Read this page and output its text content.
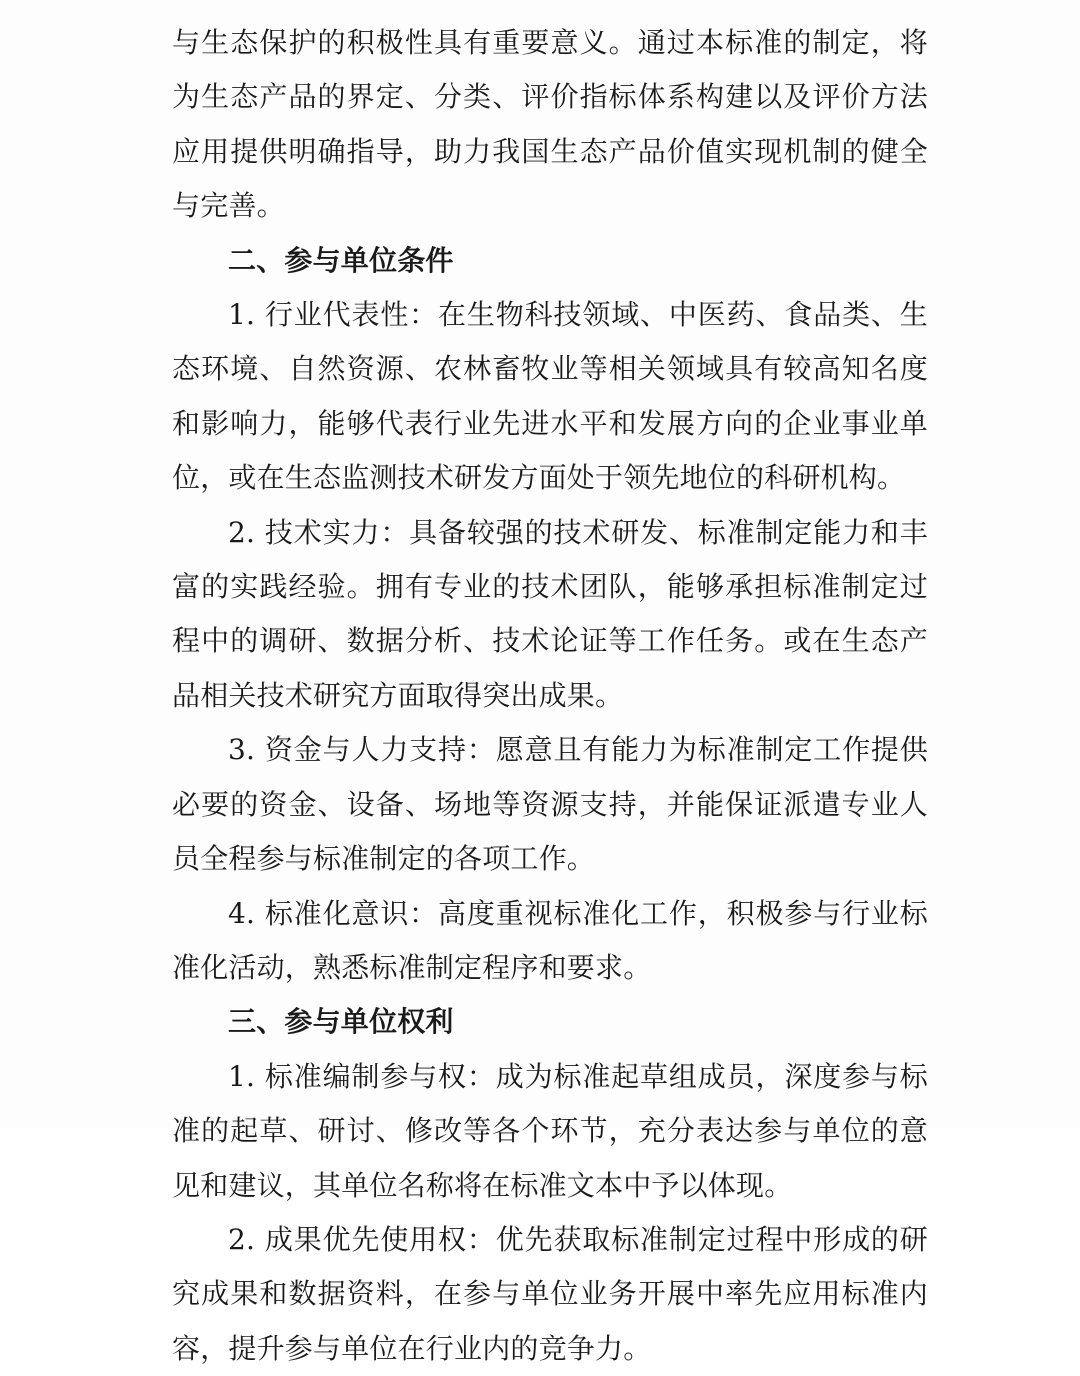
与生态保护的积极性具有重要意义。通过本标准的制定，将为生态产品的界定、分类、评价指标体系构建以及评价方法应用提供明确指导，助力我国生态产品价值实现机制的健全与完善。

二、参与单位条件

1. 行业代表性：在生物科技领域、中医药、食品类、生态环境、自然资源、农林畜牧业等相关领域具有较高知名度和影响力，能够代表行业先进水平和发展方向的企业事业单位，或在生态监测技术研发方面处于领先地位的科研机构。

2. 技术实力：具备较强的技术研发、标准制定能力和丰富的实践经验。拥有专业的技术团队，能够承担标准制定过程中的调研、数据分析、技术论证等工作任务。或在生态产品相关技术研究方面取得突出成果。

3. 资金与人力支持：愿意且有能力为标准制定工作提供必要的资金、设备、场地等资源支持，并能保证派遣专业人员全程参与标准制定的各项工作。

4. 标准化意识：高度重视标准化工作，积极参与行业标准化活动，熟悉标准制定程序和要求。

三、参与单位权利

1. 标准编制参与权：成为标准起草组成员，深度参与标准的起草、研讨、修改等各个环节，充分表达参与单位的意见和建议，其单位名称将在标准文本中予以体现。

2. 成果优先使用权：优先获取标准制定过程中形成的研究成果和数据资料，在参与单位业务开展中率先应用标准内容，提升参与单位在行业内的竞争力。
